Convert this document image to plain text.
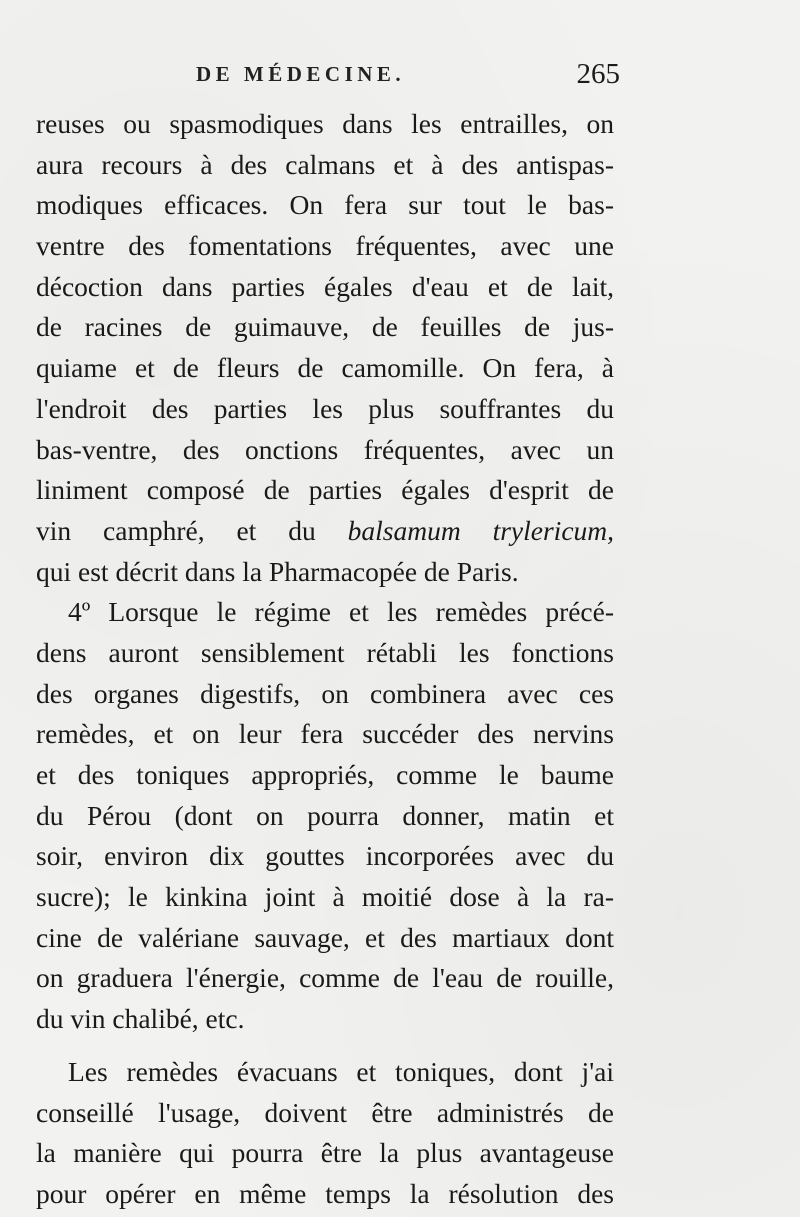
DE MÉDECINE.	265
reuses ou spasmodiques dans les entrailles, on
aura recours à des calmans et à des antispas-
modiques efficaces. On fera sur tout le bas-
ventre des fomentations fréquentes, avec une
décoction dans parties égales d'eau et de lait,
de racines de guimauve, de feuilles de jus-
quiame et de fleurs de camomille. On fera, à
l'endroit des parties les plus souffrantes du
bas-ventre, des onctions fréquentes, avec un
liniment composé de parties égales d'esprit de
vin camphré, et du balsamum trylericum,
qui est décrit dans la Pharmacopée de Paris.
4º Lorsque le régime et les remèdes précé-
dens auront sensiblement rétabli les fonctions
des organes digestifs, on combinera avec ces
remèdes, et on leur fera succéder des nervins
et des toniques appropriés, comme le baume
du Pérou (dont on pourra donner, matin et
soir, environ dix gouttes incorporées avec du
sucre); le kinkina joint à moitié dose à la ra-
cine de valériane sauvage, et des martiaux dont
on graduera l'énergie, comme de l'eau de rouille,
du vin chalibé, etc.
Les remèdes évacuans et toniques, dont j'ai
conseillé l'usage, doivent être administrés de
la manière qui pourra être la plus avantageuse
pour opérer en même temps la résolution des
